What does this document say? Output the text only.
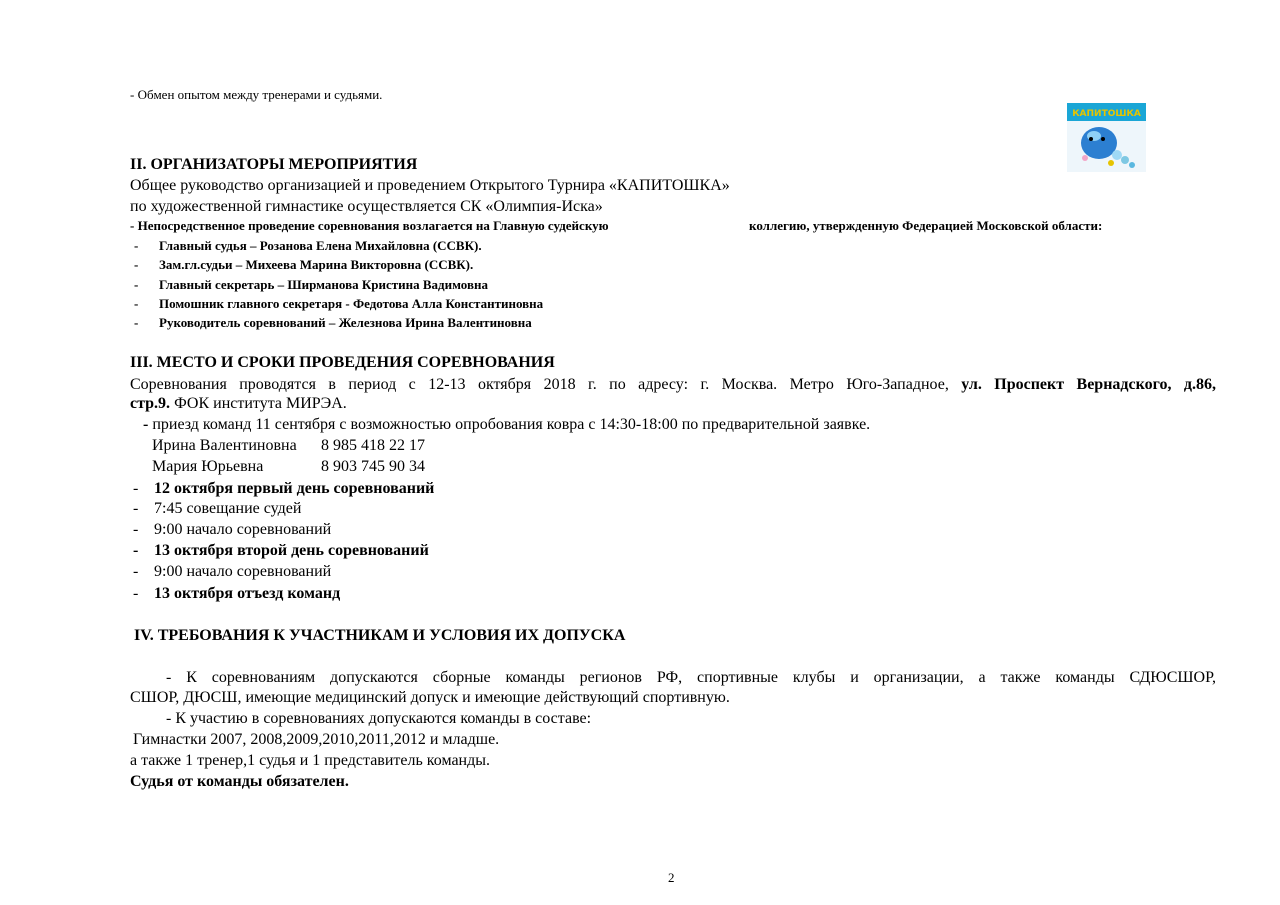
- Обмен опытом между тренерами и судьями.
КАПИТОШКА
II. ОРГАНИЗАТОРЫ МЕРОПРИЯТИЯ
Общее руководство организацией и проведением Открытого Турнира «КАПИТОШКА»
по художественной гимнастике осуществляется СК «Олимпия-Иска»
- Непосредственное проведение соревнования возлагается на Главную судейскую	коллегию, утвержденную Федерацией Московской области:
- Главный судья – Розанова Елена Михайловна (ССВК).
- Зам.гл.судьи – Михеева Марина Викторовна (ССВК).
- Главный секретарь – Ширманова Кристина Вадимовна
- Помошник главного секретаря - Федотова Алла Константиновна
- Руководитель соревнований – Железнова Ирина Валентиновна
III. МЕСТО И СРОКИ ПРОВЕДЕНИЯ СОРЕВНОВАНИЯ
Соревнования проводятся в период с 12-13 октября 2018 г. по адресу: г. Москва. Метро Юго-Западное, ул. Проспект Вернадского, д.86,
стр.9. ФОК института МИРЭА.
- приезд команд 11 сентября с возможностью опробования ковра с 14:30-18:00 по предварительной заявке.
Ирина Валентиновна 8 985 418 22 17
Мария Юрьевна	8 903 745 90 34
- 12 октября первый день соревнований
- 7:45 совещание судей
- 9:00 начало соревнований
- 13 октября второй день соревнований
- 9:00 начало соревнований
- 13 октября отъезд команд
IV. ТРЕБОВАНИЯ К УЧАСТНИКАМ И УСЛОВИЯ ИХ ДОПУСКА
- К соревнованиям допускаются сборные команды регионов РФ, спортивные клубы и организации, а также команды СДЮСШОР,
СШОР, ДЮСШ, имеющие медицинский допуск и имеющие действующий спортивную.
- К участию в соревнованиях допускаются команды в составе:
Гимнастки 2007, 2008,2009,2010,2011,2012 и младше.
а также 1 тренер,1 судья и 1 представитель команды.
Судья от команды обязателен.
2
